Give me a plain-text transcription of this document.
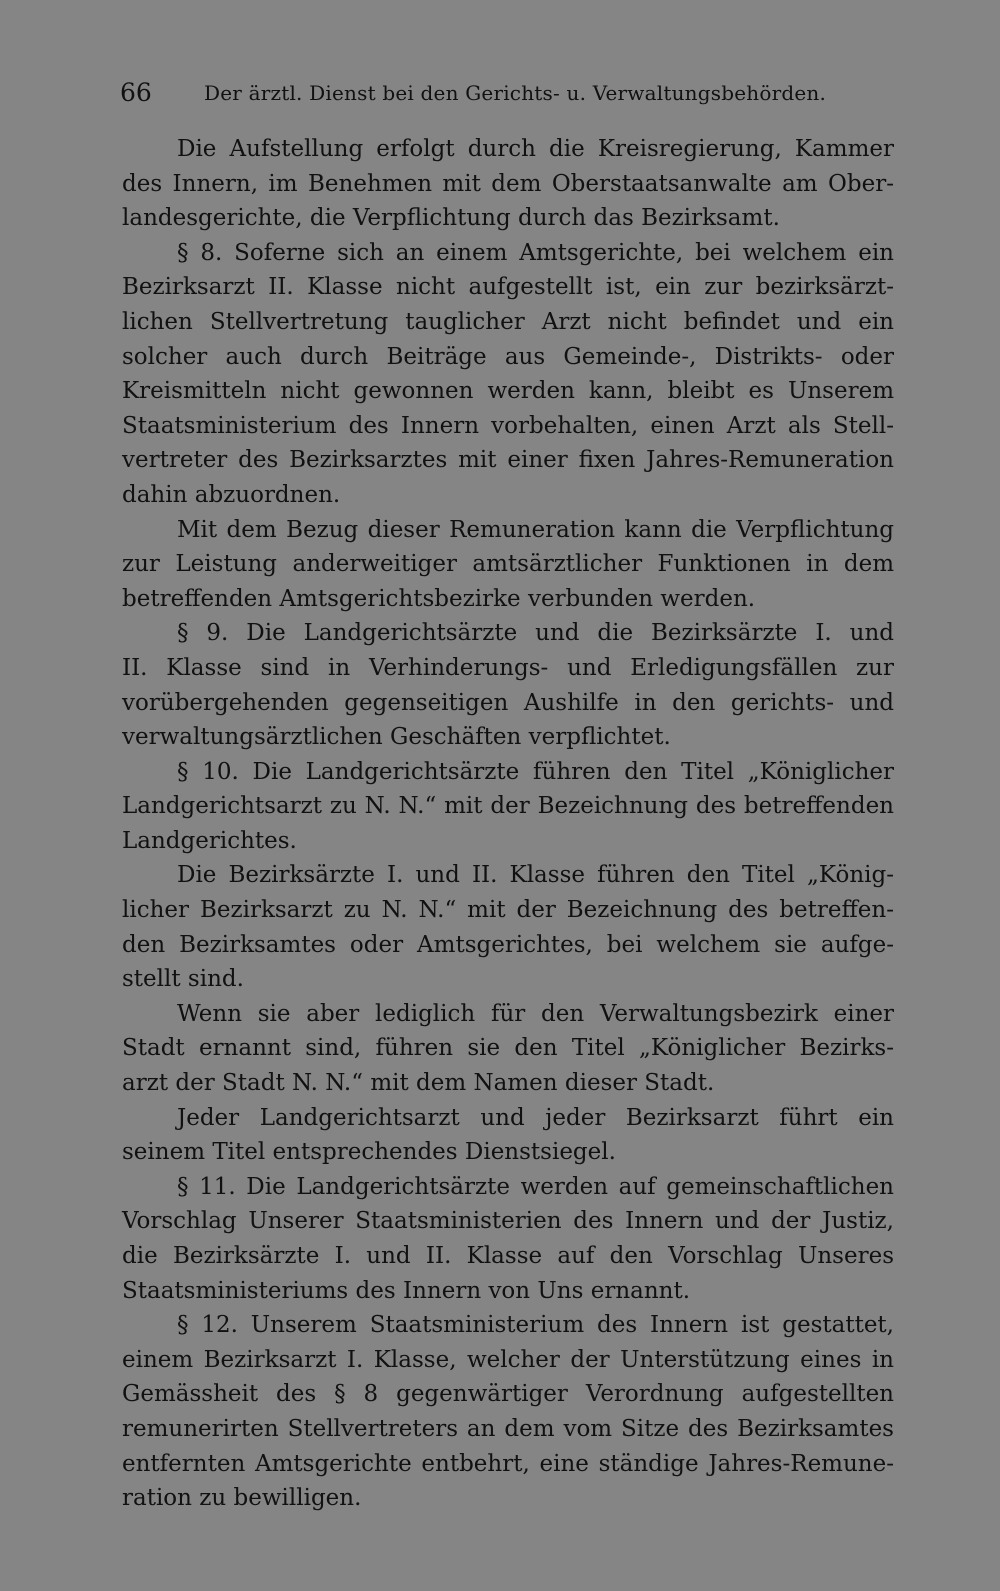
66	Der ärztl. Dienst bei den Gerichts- u. Verwaltungsbehörden.
Die Aufstellung erfolgt durch die Kreisregierung, Kammer
des Innern, im Benehmen mit dem Oberstaatsanwalte am Ober-
landesgerichte, die Verpflichtung durch das Bezirksamt.
§ 8. Soferne sich an einem Amtsgerichte, bei welchem ein
Bezirksarzt II. Klasse nicht aufgestellt ist, ein zur bezirksärzt-
lichen Stellvertretung tauglicher Arzt nicht befindet und ein
solcher auch durch Beiträge aus Gemeinde-, Distrikts- oder
Kreismitteln nicht gewonnen werden kann, bleibt es Unserem
Staatsministerium des Innern vorbehalten, einen Arzt als Stell-
vertreter des Bezirksarztes mit einer fixen Jahres-Remuneration
dahin abzuordnen.
Mit dem Bezug dieser Remuneration kann die Verpflichtung
zur Leistung anderweitiger amtsärztlicher Funktionen in dem
betreffenden Amtsgerichtsbezirke verbunden werden.
§ 9. Die Landgerichtsärzte und die Bezirksärzte I. und
II. Klasse sind in Verhinderungs- und Erledigungsfällen zur
vorübergehenden gegenseitigen Aushilfe in den gerichts- und
verwaltungsärztlichen Geschäften verpflichtet.
§ 10. Die Landgerichtsärzte führen den Titel „Königlicher
Landgerichtsarzt zu N. N.“ mit der Bezeichnung des betreffenden
Landgerichtes.
Die Bezirksärzte I. und II. Klasse führen den Titel „König-
licher Bezirksarzt zu N. N.“ mit der Bezeichnung des betreffen-
den Bezirksamtes oder Amtsgerichtes, bei welchem sie aufge-
stellt sind.
Wenn sie aber lediglich für den Verwaltungsbezirk einer
Stadt ernannt sind, führen sie den Titel „Königlicher Bezirks-
arzt der Stadt N. N.“ mit dem Namen dieser Stadt.
Jeder Landgerichtsarzt und jeder Bezirksarzt führt ein
seinem Titel entsprechendes Dienstsiegel.
§ 11. Die Landgerichtsärzte werden auf gemeinschaftlichen
Vorschlag Unserer Staatsministerien des Innern und der Justiz,
die Bezirksärzte I. und II. Klasse auf den Vorschlag Unseres
Staatsministeriums des Innern von Uns ernannt.
§ 12. Unserem Staatsministerium des Innern ist gestattet,
einem Bezirksarzt I. Klasse, welcher der Unterstützung eines in
Gemässheit des § 8 gegenwärtiger Verordnung aufgestellten
remunerirten Stellvertreters an dem vom Sitze des Bezirksamtes
entfernten Amtsgerichte entbehrt, eine ständige Jahres-Remune-
ration zu bewilligen.
